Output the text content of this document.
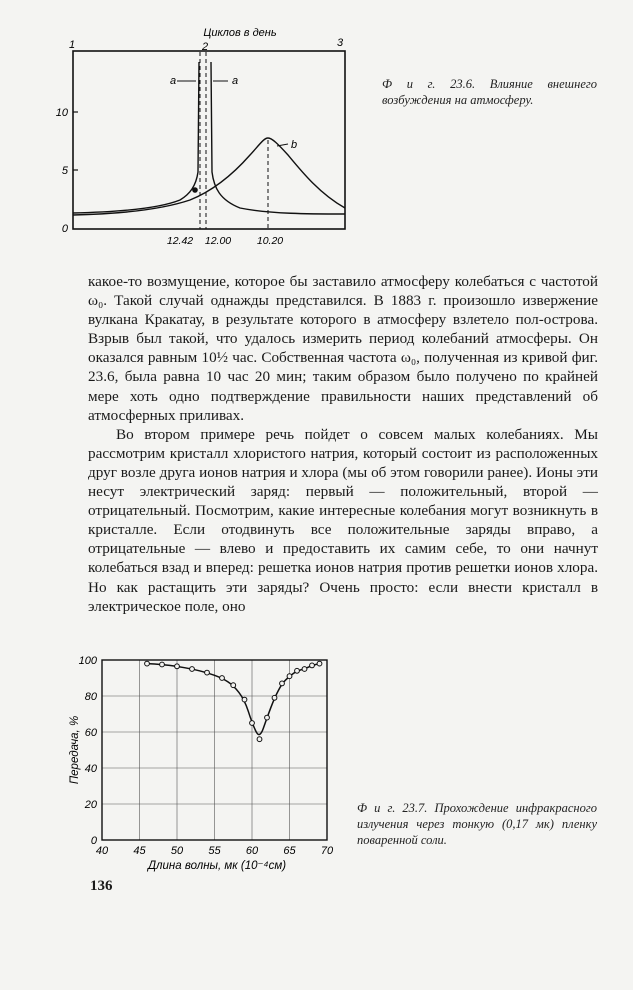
Циклов в день
1	2	3
10
5
0
a	a
b
12.42 12.00 10.20
Ф и г. 23.6. Влияние внешнего возбуждения на атмосферу.

какое-то возмущение, которое бы заставило атмосферу колебаться с частотой ω₀. Такой случай однажды представился. В 1883 г. произошло извержение вулкана Кракатау, в результате которого в атмосферу взлетело пол-острова. Взрыв был такой, что удалось измерить период колебаний атмосферы. Он оказался равным 10½ час. Собственная частота ω₀, полученная из кривой фиг. 23.6, была равна 10 час 20 мин; таким образом было получено по крайней мере хоть одно подтверждение правильности наших представлений об атмосферных приливах.

Во втором примере речь пойдет о совсем малых колебаниях. Мы рассмотрим кристалл хлористого натрия, который состоит из расположенных друг возле друга ионов натрия и хлора (мы об этом говорили ранее). Ионы эти несут электрический заряд: первый — положительный, второй — отрицательный. Посмотрим, какие интересные колебания могут возникнуть в кристалле. Если отодвинуть все положительные заряды вправо, а отрицательные — влево и предоставить их самим себе, то они начнут колебаться взад и вперед: решетка ионов натрия против решетки ионов хлора. Но как растащить эти заряды? Очень просто: если внести кристалл в электрическое поле, оно

0
20
40
60
80
100
40 45 50 55 60 65 70
Передача, %
Длина волны, мк (10⁻⁴см)
Ф и г. 23.7. Прохождение инфракрасного излучения через тонкую (0,17 мк) пленку поваренной соли.
136
